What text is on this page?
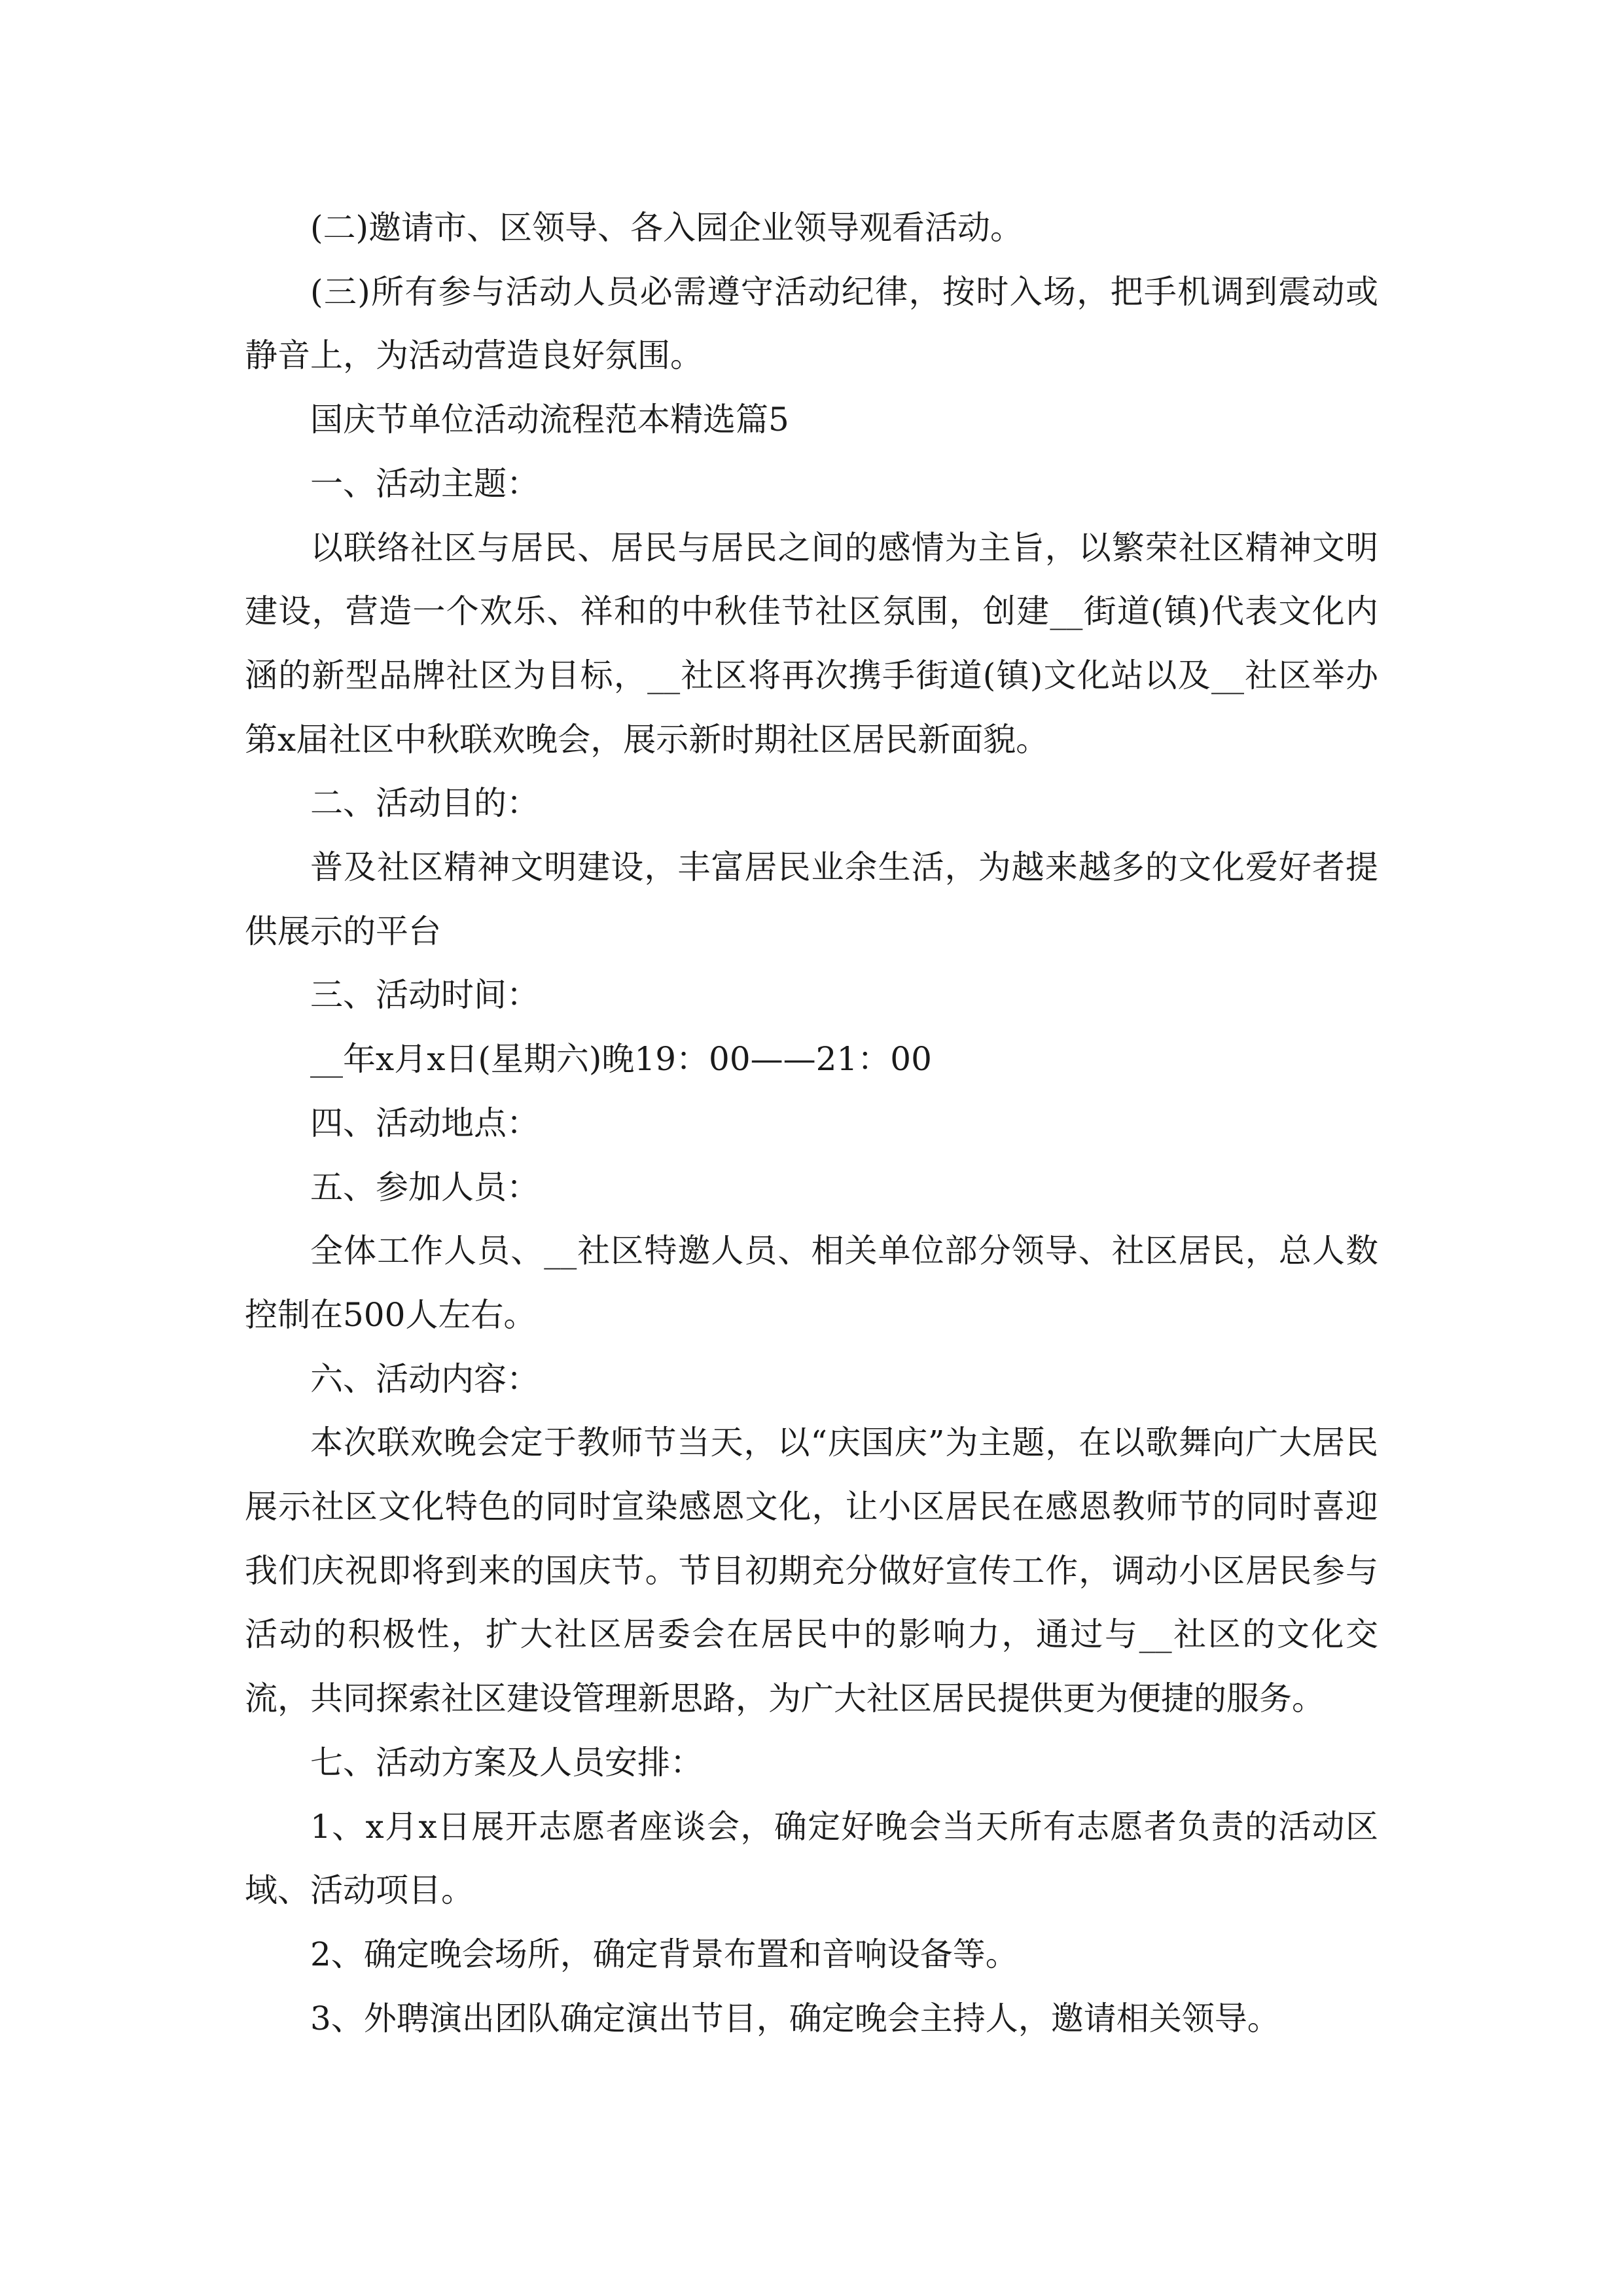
(二)邀请市、区领导、各入园企业领导观看活动。

(三)所有参与活动人员必需遵守活动纪律，按时入场，把手机调到震动或静音上，为活动营造良好氛围。

国庆节单位活动流程范本精选篇5

一、活动主题：

以联络社区与居民、居民与居民之间的感情为主旨，以繁荣社区精神文明建设，营造一个欢乐、祥和的中秋佳节社区氛围，创建__街道(镇)代表文化内涵的新型品牌社区为目标，__社区将再次携手街道(镇)文化站以及__社区举办第x届社区中秋联欢晚会，展示新时期社区居民新面貌。

二、活动目的：

普及社区精神文明建设，丰富居民业余生活，为越来越多的文化爱好者提供展示的平台

三、活动时间：

__年x月x日(星期六)晚19：00——21：00

四、活动地点：

五、参加人员：

全体工作人员、__社区特邀人员、相关单位部分领导、社区居民，总人数控制在500人左右。

六、活动内容：

本次联欢晚会定于教师节当天，以“庆国庆”为主题，在以歌舞向广大居民展示社区文化特色的同时宣染感恩文化，让小区居民在感恩教师节的同时喜迎我们庆祝即将到来的国庆节。节目初期充分做好宣传工作，调动小区居民参与活动的积极性，扩大社区居委会在居民中的影响力，通过与__社区的文化交流，共同探索社区建设管理新思路，为广大社区居民提供更为便捷的服务。

七、活动方案及人员安排：

1、x月x日展开志愿者座谈会，确定好晚会当天所有志愿者负责的活动区域、活动项目。

2、确定晚会场所，确定背景布置和音响设备等。

3、外聘演出团队确定演出节目，确定晚会主持人，邀请相关领导。
